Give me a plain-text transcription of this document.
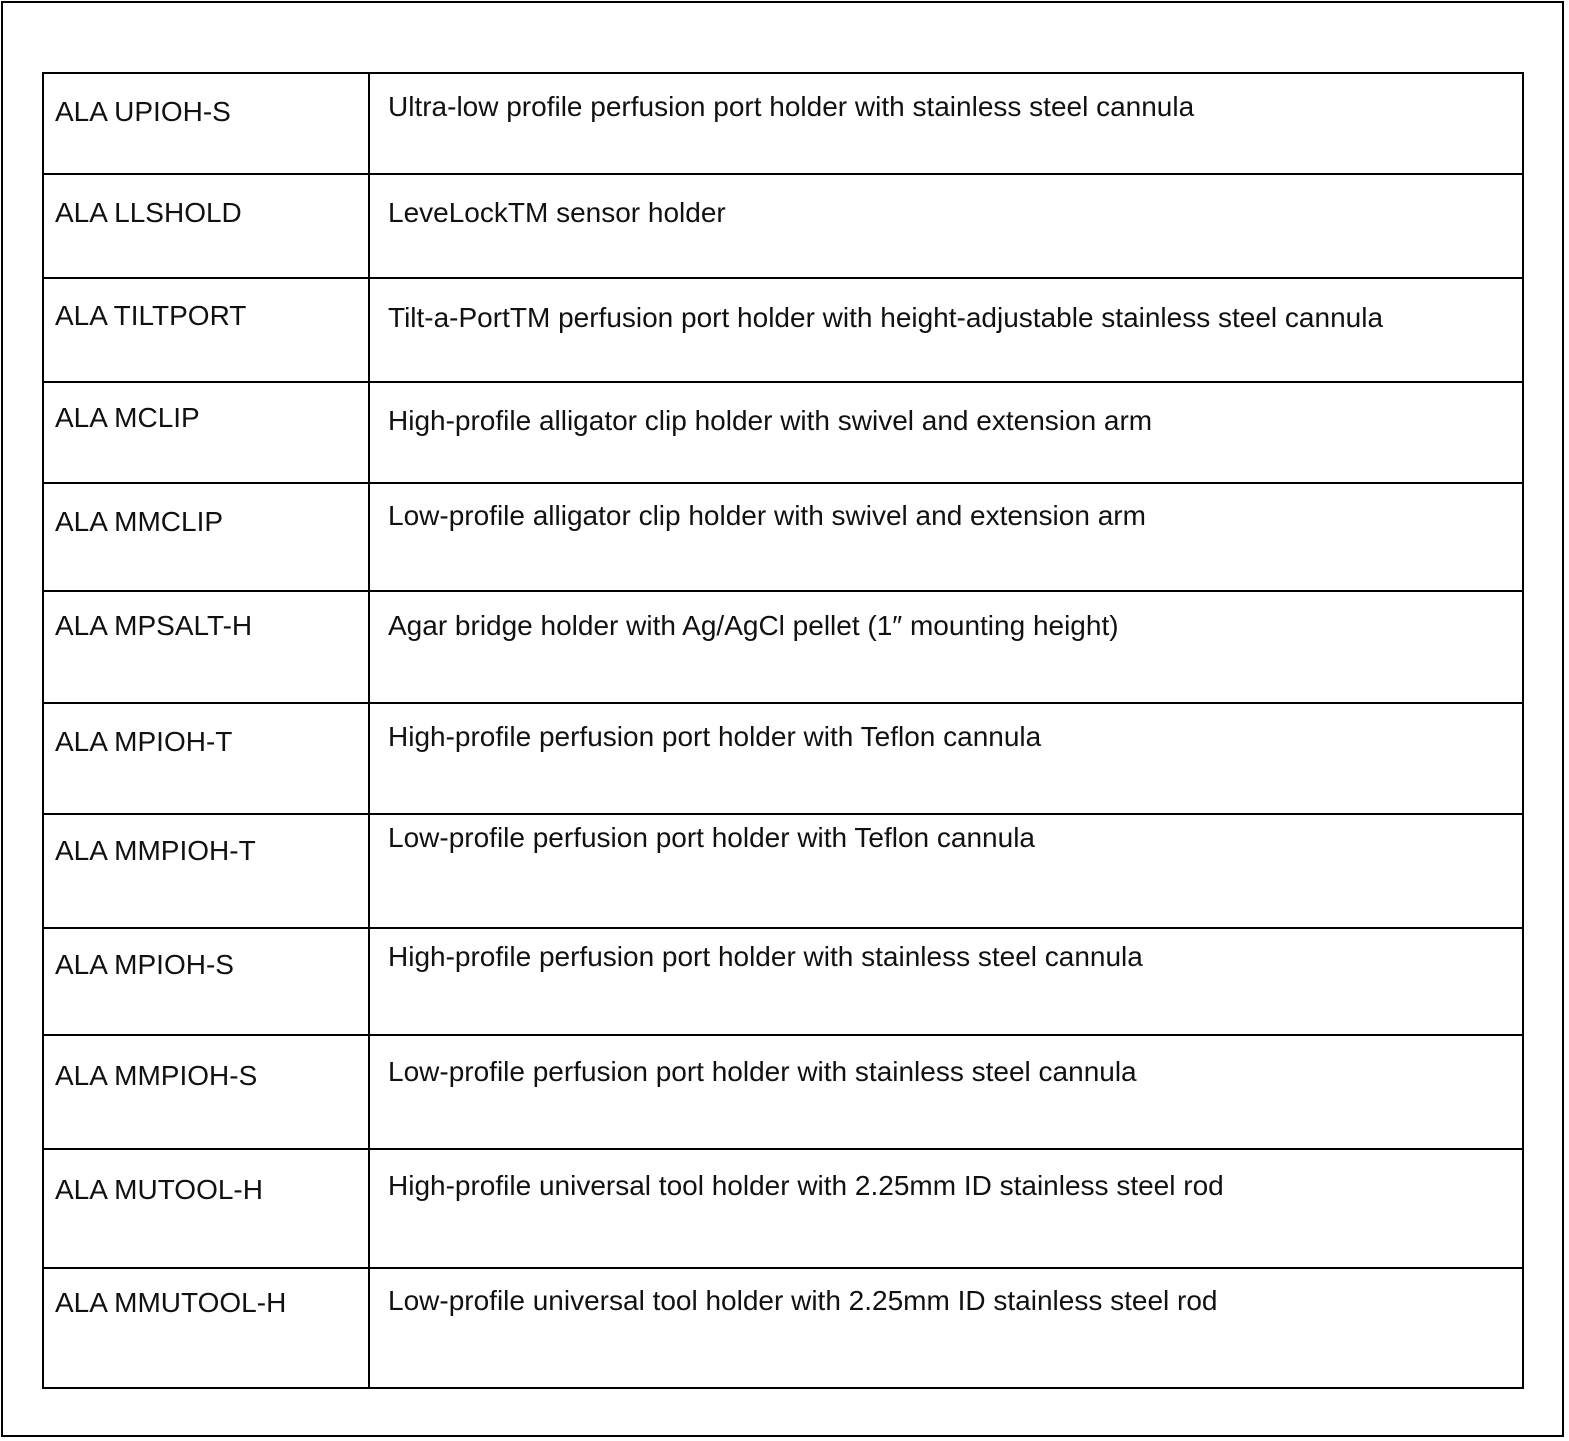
ALA UPIOH-S	Ultra-low profile perfusion port holder with stainless steel cannula

ALA LLSHOLD	LeveLockTM sensor holder

ALA TILTPORT	Tilt-a-PortTM perfusion port holder with height-adjustable stainless steel cannula

ALA MCLIP	High-profile alligator clip holder with swivel and extension arm

ALA MMCLIP	Low-profile alligator clip holder with swivel and extension arm

ALA MPSALT-H	Agar bridge holder with Ag/AgCl pellet (1″ mounting height)

ALA MPIOH-T	High-profile perfusion port holder with Teflon cannula

ALA MMPIOH-T	Low-profile perfusion port holder with Teflon cannula

ALA MPIOH-S	High-profile perfusion port holder with stainless steel cannula

ALA MMPIOH-S	Low-profile perfusion port holder with stainless steel cannula

ALA MUTOOL-H	High-profile universal tool holder with 2.25mm ID stainless steel rod

ALA MMUTOOL-H	Low-profile universal tool holder with 2.25mm ID stainless steel rod
